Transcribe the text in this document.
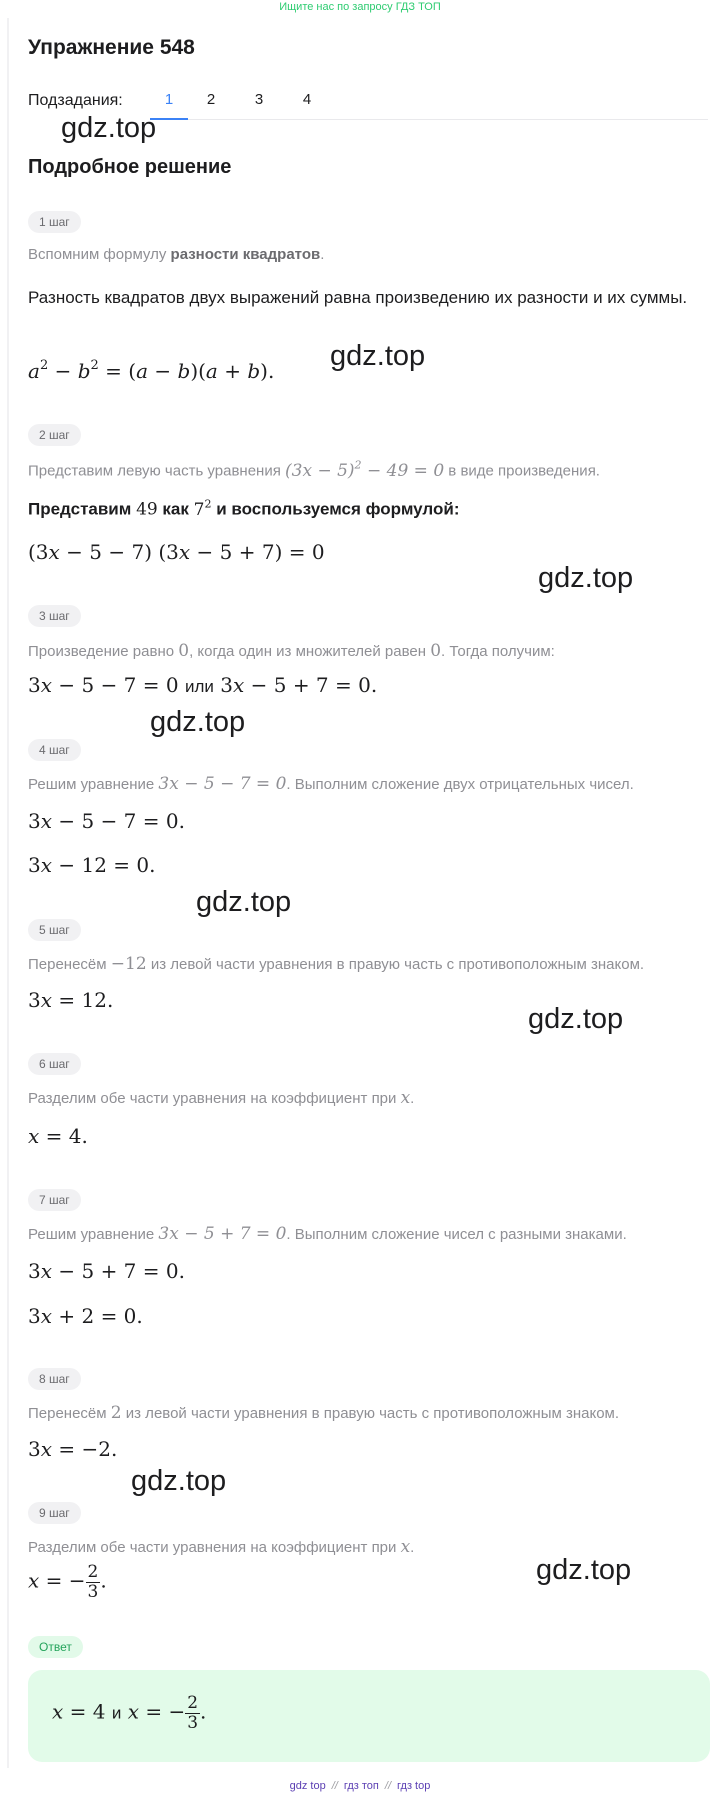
Ищите нас по запросу ГДЗ ТОП
Упражнение 548
Подзадания:	1	2	3	4
gdz.top
Подробное решение
1 шаг
Вспомним формулу разности квадратов.
Разность квадратов двух выражений равна произведению их разности и их суммы.
$a^2 - b^2 = (a - b)(a + b)$. gdz.top
2 шаг
Представим левую часть уравнения $(3x - 5)^2 - 49 = 0$ в виде произведения.
Представим 49 как $7^2$ и воспользуемся формулой:
(3x − 5 − 7) (3x − 5 + 7) = 0
gdz.top
3 шаг
Произведение равно 0, когда один из множителей равен 0. Тогда получим:
3x − 5 − 7 = 0 или 3x − 5 + 7 = 0.
gdz.top
4 шаг
Решим уравнение 3x − 5 − 7 = 0. Выполним сложение двух отрицательных чисел.
3x − 5 − 7 = 0.
3x − 12 = 0.
gdz.top
5 шаг
Перенесём −12 из левой части уравнения в правую часть с противоположным знаком.
3x = 12.
gdz.top
6 шаг
Разделим обе части уравнения на коэффициент при x.
x = 4.
7 шаг
Решим уравнение 3x − 5 + 7 = 0. Выполним сложение чисел с разными знаками.
3x − 5 + 7 = 0.
3x + 2 = 0.
8 шаг
Перенесём 2 из левой части уравнения в правую часть с противоположным знаком.
3x = −2.
gdz.top
9 шаг
Разделим обе части уравнения на коэффициент при x.
x = − $\frac{2}{3}$ .	gdz.top
Ответ
x = 4 и x = − $\frac{2}{3}$ .
gdz top // гдз топ // гдз top
